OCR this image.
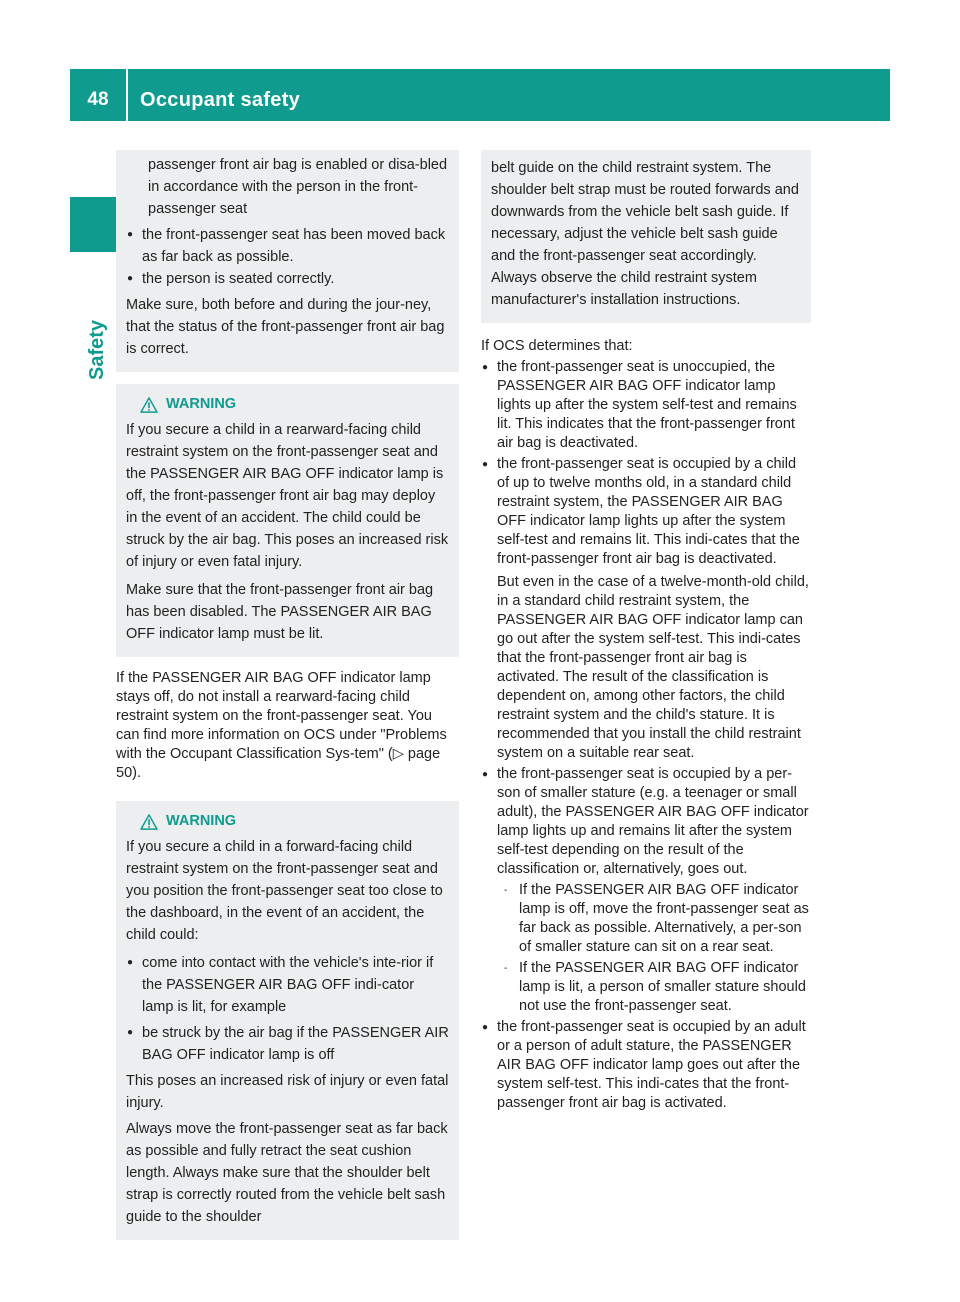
48	Occupant safety
Safety

passenger front air bag is enabled or disa-bled in accordance with the person in the front-passenger seat

● the front-passenger seat has been moved back as far back as possible.
● the person is seated correctly.

Make sure, both before and during the jour-ney, that the status of the front-passenger front air bag is correct.

WARNING

If you secure a child in a rearward-facing child restraint system on the front-passenger seat and the PASSENGER AIR BAG OFF indicator lamp is off, the front-passenger front air bag may deploy in the event of an accident. The child could be struck by the air bag. This poses an increased risk of injury or even fatal injury.

Make sure that the front-passenger front air bag has been disabled. The PASSENGER AIR BAG OFF indicator lamp must be lit.

If the PASSENGER AIR BAG OFF indicator lamp stays off, do not install a rearward-facing child restraint system on the front-passenger seat. You can find more information on OCS under "Problems with the Occupant Classification Sys-tem" (▷ page 50).

WARNING

If you secure a child in a forward-facing child restraint system on the front-passenger seat and you position the front-passenger seat too close to the dashboard, in the event of an accident, the child could:

● come into contact with the vehicle's inte-rior if the PASSENGER AIR BAG OFF indi-cator lamp is lit, for example
● be struck by the air bag if the PASSENGER AIR BAG OFF indicator lamp is off

This poses an increased risk of injury or even fatal injury.

Always move the front-passenger seat as far back as possible and fully retract the seat cushion length. Always make sure that the shoulder belt strap is correctly routed from the vehicle belt sash guide to the shoulder

belt guide on the child restraint system. The shoulder belt strap must be routed forwards and downwards from the vehicle belt sash guide. If necessary, adjust the vehicle belt sash guide and the front-passenger seat accordingly. Always observe the child restraint system manufacturer's installation instructions.

If OCS determines that:

● the front-passenger seat is unoccupied, the PASSENGER AIR BAG OFF indicator lamp lights up after the system self-test and remains lit. This indicates that the front-passenger front air bag is deactivated.
● the front-passenger seat is occupied by a child of up to twelve months old, in a standard child restraint system, the PASSENGER AIR BAG OFF indicator lamp lights up after the system self-test and remains lit. This indi-cates that the front-passenger front air bag is deactivated.

But even in the case of a twelve-month-old child, in a standard child restraint system, the PASSENGER AIR BAG OFF indicator lamp can go out after the system self-test. This indi-cates that the front-passenger front air bag is activated. The result of the classification is dependent on, among other factors, the child restraint system and the child's stature. It is recommended that you install the child restraint system on a suitable rear seat.

● the front-passenger seat is occupied by a per-son of smaller stature (e.g. a teenager or small adult), the PASSENGER AIR BAG OFF indicator lamp lights up and remains lit after the system self-test depending on the result of the classification or, alternatively, goes out.
- If the PASSENGER AIR BAG OFF indicator lamp is off, move the front-passenger seat as far back as possible. Alternatively, a per-son of smaller stature can sit on a rear seat.
- If the PASSENGER AIR BAG OFF indicator lamp is lit, a person of smaller stature should not use the front-passenger seat.
● the front-passenger seat is occupied by an adult or a person of adult stature, the PASSENGER AIR BAG OFF indicator lamp goes out after the system self-test. This indi-cates that the front-passenger front air bag is activated.
